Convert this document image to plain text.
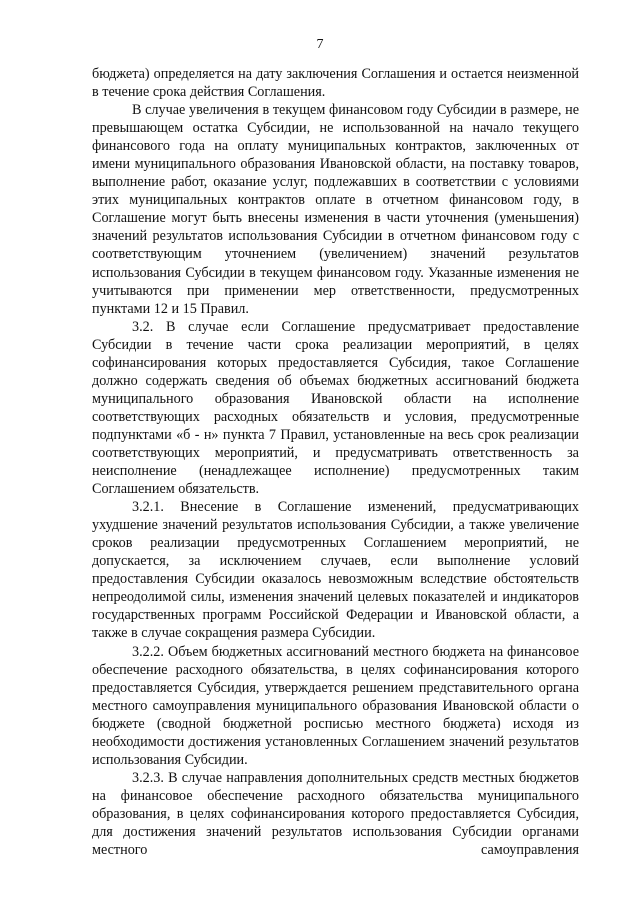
7

бюджета) определяется на дату заключения Соглашения и остается неизменной в течение срока действия Соглашения.

В случае увеличения в текущем финансовом году Субсидии в размере, не превышающем остатка Субсидии, не использованной на начало текущего финансового года на оплату муниципальных контрактов, заключенных от имени муниципального образования Ивановской области, на поставку товаров, выполнение работ, оказание услуг, подлежавших в соответствии с условиями этих муниципальных контрактов оплате в отчетном финансовом году, в Соглашение могут быть внесены изменения в части уточнения (уменьшения) значений результатов использования Субсидии в отчетном финансовом году с соответствующим уточнением (увеличением) значений результатов использования Субсидии в текущем финансовом году. Указанные изменения не учитываются при применении мер ответственности, предусмотренных пунктами 12 и 15 Правил.

3.2. В случае если Соглашение предусматривает предоставление Субсидии в течение части срока реализации мероприятий, в целях софинансирования которых предоставляется Субсидия, такое Соглашение должно содержать сведения об объемах бюджетных ассигнований бюджета муниципального образования Ивановской области на исполнение соответствующих расходных обязательств и условия, предусмотренные подпунктами «б - н» пункта 7 Правил, установленные на весь срок реализации соответствующих мероприятий, и предусматривать ответственность за неисполнение (ненадлежащее исполнение) предусмотренных таким Соглашением обязательств.

3.2.1. Внесение в Соглашение изменений, предусматривающих ухудшение значений результатов использования Субсидии, а также увеличение сроков реализации предусмотренных Соглашением мероприятий, не допускается, за исключением случаев, если выполнение условий предоставления Субсидии оказалось невозможным вследствие обстоятельств непреодолимой силы, изменения значений целевых показателей и индикаторов государственных программ Российской Федерации и Ивановской области, а также в случае сокращения размера Субсидии.

3.2.2. Объем бюджетных ассигнований местного бюджета на финансовое обеспечение расходного обязательства, в целях софинансирования которого предоставляется Субсидия, утверждается решением представительного органа местного самоуправления муниципального образования Ивановской области о бюджете (сводной бюджетной росписью местного бюджета) исходя из необходимости достижения установленных Соглашением значений результатов использования Субсидии.

3.2.3. В случае направления дополнительных средств местных бюджетов на финансовое обеспечение расходного обязательства муниципального образования, в целях софинансирования которого предоставляется Субсидия, для достижения значений результатов использования Субсидии органами местного самоуправления
